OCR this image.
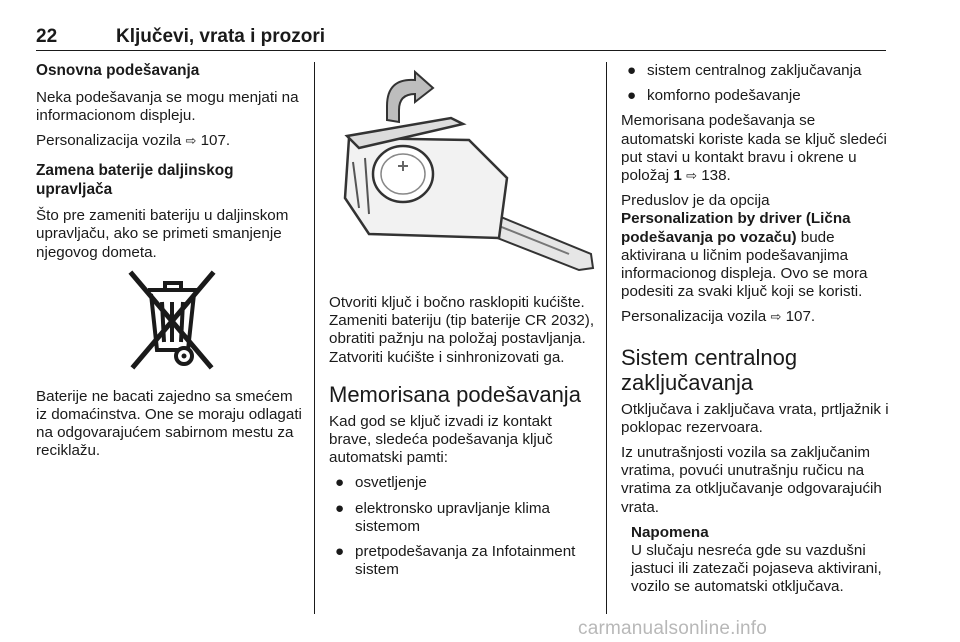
22	Ključevi, vrata i prozori
Osnovna podešavanja

Neka podešavanja se mogu menjati na informacionom displeju.

Personalizacija vozila ⇨ 107.

Zamena baterije daljinskog upravljača

Što pre zameniti bateriju u daljinskom upravljaču, ako se primeti smanjenje njegovog dometa.

Baterije ne bacati zajedno sa smećem iz domaćinstva. One se moraju odlagati na odgovarajućem sabirnom mestu za reciklažu.

Otvoriti ključ i bočno rasklopiti kućište. Zameniti bateriju (tip baterije CR 2032), obratiti pažnju na položaj postavljanja. Zatvoriti kućište i sinhronizovati ga.

Memorisana podešavanja

Kad god se ključ izvadi iz kontakt brave, sledeća podešavanja ključ automatski pamti:

● osvetljenje
● elektronsko upravljanje klima sistemom
● pretpodešavanja za Infotainment sistem
● sistem centralnog zaključavanja
● komforno podešavanje

Memorisana podešavanja se automatski koriste kada se ključ sledeći put stavi u kontakt bravu i okrene u položaj 1 ⇨ 138.

Preduslov je da opcija
Personalization by driver (Lična podešavanja po vozaču) bude aktivirana u ličnim podešavanjima informacionog displeja. Ovo se mora podesiti za svaki ključ koji se koristi.

Personalizacija vozila ⇨ 107.

Sistem centralnog zaključavanja

Otključava i zaključava vrata, prtljažnik i poklopac rezervoara.

Iz unutrašnjosti vozila sa zaključanim vratima, povući unutrašnju ručicu na vratima za otključavanje odgovarajućih vrata.

Napomena
U slučaju nesreća gde su vazdušni jastuci ili zatezači pojaseva aktivirani, vozilo se automatski otključava.
carmanualsonline.info
